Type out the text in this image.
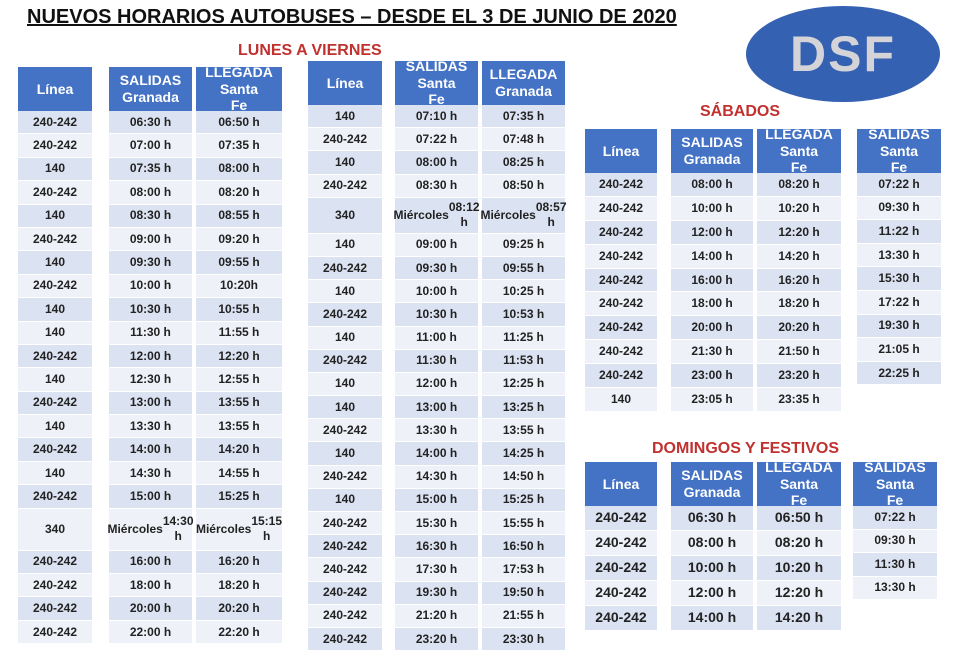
NUEVOS HORARIOS AUTOBUSES – DESDE EL 3 DE JUNIO DE 2020
LUNES A VIERNES
SÁBADOS
DOMINGOS Y FESTIVOS
DSF
Línea
240-242
240-242
140
240-242
140
240-242
140
240-242
140
140
240-242
140
240-242
140
240-242
140
240-242
340
240-242
240-242
240-242
240-242
SALIDAS
Granada
06:30 h
07:00 h
07:35 h
08:00 h
08:30 h
09:00 h
09:30 h
10:00 h
10:30 h
11:30 h
12:00 h
12:30 h
13:00 h
13:30 h
14:00 h
14:30 h
15:00 h
Miércoles
14:30 h
16:00 h
18:00 h
20:00 h
22:00 h
LLEGADA
Santa
Fe
06:50 h
07:35 h
08:00 h
08:20 h
08:55 h
09:20 h
09:55 h
10:20h
10:55 h
11:55 h
12:20 h
12:55 h
13:55 h
13:55 h
14:20 h
14:55 h
15:25 h
Miércoles
15:15 h
16:20 h
18:20 h
20:20 h
22:20 h
Línea
140
240-242
140
240-242
340
140
240-242
140
240-242
140
240-242
140
140
240-242
140
240-242
140
240-242
240-242
240-242
240-242
240-242
240-242
SALIDAS
Santa
Fe
07:10 h
07:22 h
08:00 h
08:30 h
Miércoles
08:12 h
09:00 h
09:30 h
10:00 h
10:30 h
11:00 h
11:30 h
12:00 h
13:00 h
13:30 h
14:00 h
14:30 h
15:00 h
15:30 h
16:30 h
17:30 h
19:30 h
21:20 h
23:20 h
LLEGADA
Granada
07:35 h
07:48 h
08:25 h
08:50 h
Miércoles
08:57 h
09:25 h
09:55 h
10:25 h
10:53 h
11:25 h
11:53 h
12:25 h
13:25 h
13:55 h
14:25 h
14:50 h
15:25 h
15:55 h
16:50 h
17:53 h
19:50 h
21:55 h
23:30 h
Línea
240-242
240-242
240-242
240-242
240-242
240-242
240-242
240-242
240-242
140
SALIDAS
Granada
08:00 h
10:00 h
12:00 h
14:00 h
16:00 h
18:00 h
20:00 h
21:30 h
23:00 h
23:05 h
LLEGADA
Santa
Fe
08:20 h
10:20 h
12:20 h
14:20 h
16:20 h
18:20 h
20:20 h
21:50 h
23:20 h
23:35 h
SALIDAS
Santa
Fe
07:22 h
09:30 h
11:22 h
13:30 h
15:30 h
17:22 h
19:30 h
21:05 h
22:25 h
Línea
240-242
240-242
240-242
240-242
240-242
SALIDAS
Granada
06:30 h
08:00 h
10:00 h
12:00 h
14:00 h
LLEGADA
Santa
Fe
06:50 h
08:20 h
10:20 h
12:20 h
14:20 h
SALIDAS
Santa
Fe
07:22 h
09:30 h
11:30 h
13:30 h
